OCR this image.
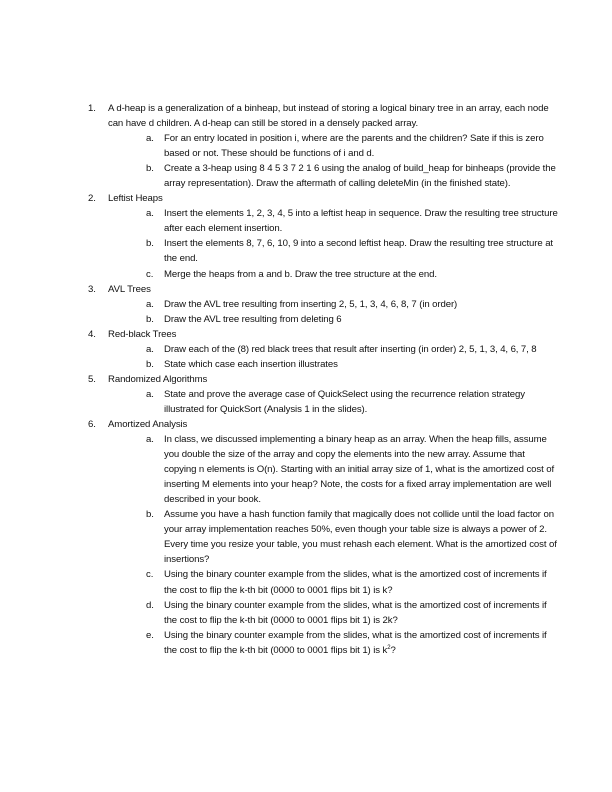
1. A d-heap is a generalization of a binheap, but instead of storing a logical binary tree in an array, each node can have d children. A d-heap can still be stored in a densely packed array.
a. For an entry located in position i, where are the parents and the children? Sate if this is zero based or not. These should be functions of i and d.
b. Create a 3-heap using 8 4 5 3 7 2 1 6 using the analog of build_heap for binheaps (provide the array representation). Draw the aftermath of calling deleteMin (in the finished state).
2. Leftist Heaps
a. Insert the elements 1, 2, 3, 4, 5 into a leftist heap in sequence. Draw the resulting tree structure after each element insertion.
b. Insert the elements 8, 7, 6, 10, 9 into a second leftist heap. Draw the resulting tree structure at the end.
c. Merge the heaps from a and b. Draw the tree structure at the end.
3. AVL Trees
a. Draw the AVL tree resulting from inserting 2, 5, 1, 3, 4, 6, 8, 7 (in order)
b. Draw the AVL tree resulting from deleting 6
4. Red-black Trees
a. Draw each of the (8) red black trees that result after inserting (in order) 2, 5, 1, 3, 4, 6, 7, 8
b. State which case each insertion illustrates
5. Randomized Algorithms
a. State and prove the average case of QuickSelect using the recurrence relation strategy illustrated for QuickSort (Analysis 1 in the slides).
6. Amortized Analysis
a. In class, we discussed implementing a binary heap as an array. When the heap fills, assume you double the size of the array and copy the elements into the new array. Assume that copying n elements is O(n). Starting with an initial array size of 1, what is the amortized cost of inserting M elements into your heap? Note, the costs for a fixed array implementation are well described in your book.
b. Assume you have a hash function family that magically does not collide until the load factor on your array implementation reaches 50%, even though your table size is always a power of 2. Every time you resize your table, you must rehash each element. What is the amortized cost of insertions?
c. Using the binary counter example from the slides, what is the amortized cost of increments if the cost to flip the k-th bit (0000 to 0001 flips bit 1) is k?
d. Using the binary counter example from the slides, what is the amortized cost of increments if the cost to flip the k-th bit (0000 to 0001 flips bit 1) is 2k?
e. Using the binary counter example from the slides, what is the amortized cost of increments if the cost to flip the k-th bit (0000 to 0001 flips bit 1) is $k^2$?
